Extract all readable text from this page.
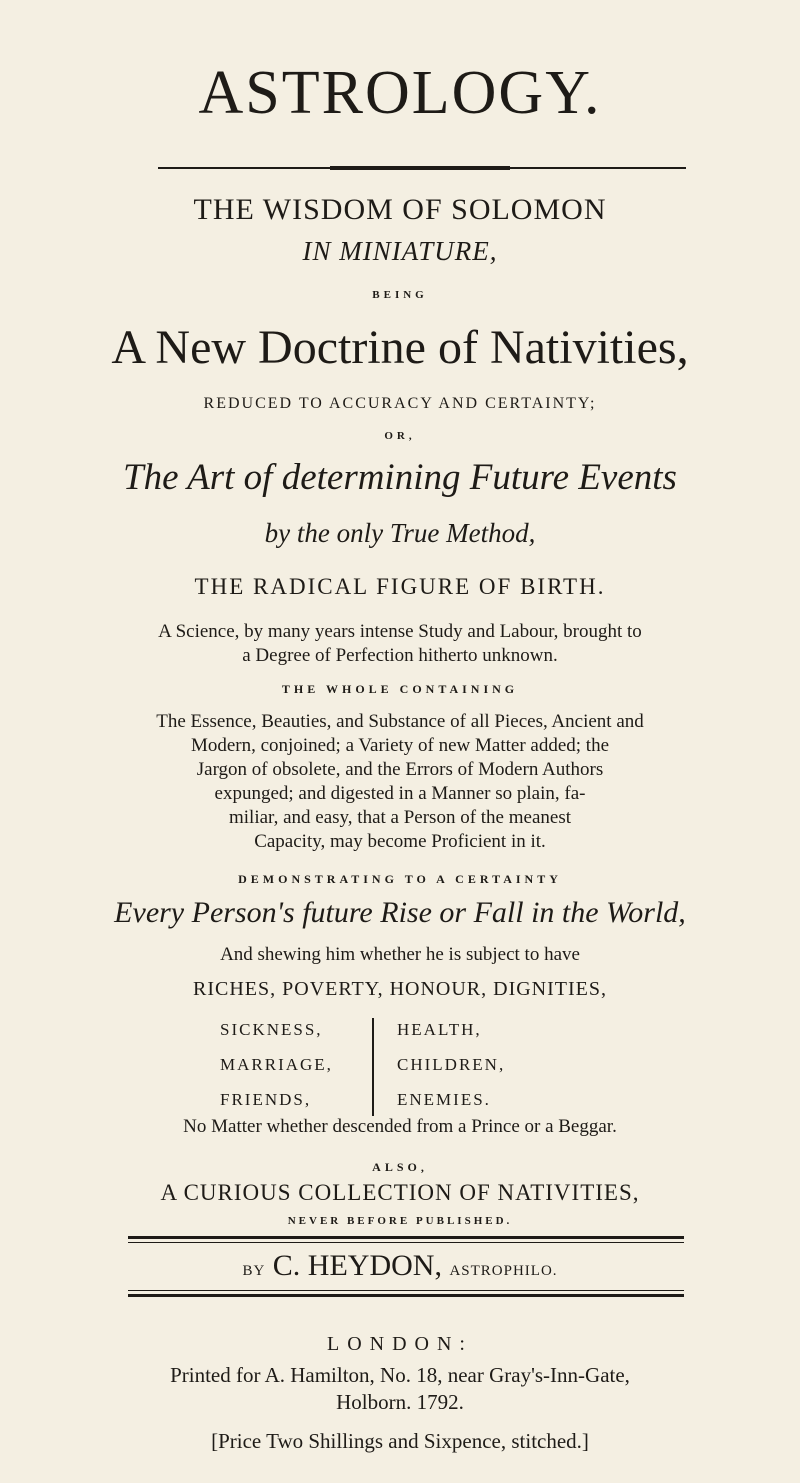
ASTROLOGY.
THE WISDOM OF SOLOMON
IN MINIATURE,
BEING
A New Doctrine of Nativities,
REDUCED TO ACCURACY AND CERTAINTY;
OR,
The Art of determining Future Events
by the only True Method,
THE RADICAL FIGURE OF BIRTH.
A Science, by many years intense Study and Labour, brought to
a Degree of Perfection hitherto unknown.
THE WHOLE CONTAINING
The Essence, Beauties, and Substance of all Pieces, Ancient and
Modern, conjoined; a Variety of new Matter added; the
Jargon of obsolete, and the Errors of Modern Authors
expunged; and digested in a Manner so plain, fa-
miliar, and easy, that a Person of the meanest
Capacity, may become Proficient in it.
DEMONSTRATING TO A CERTAINTY
Every Person's future Rise or Fall in the World,
And shewing him whether he is subject to have
RICHES, POVERTY, HONOUR, DIGNITIES,
SICKNESS,
MARRIAGE,
FRIENDS,
HEALTH,
CHILDREN,
ENEMIES.
No Matter whether descended from a Prince or a Beggar.
ALSO,
A CURIOUS COLLECTION OF NATIVITIES,
NEVER BEFORE PUBLISHED.
BY C. HEYDON, ASTROPHILO.
LONDON:
Printed for A. Hamilton, No. 18, near Gray's-Inn-Gate,
Holborn. 1792.
[Price Two Shillings and Sixpence, stitched.]
